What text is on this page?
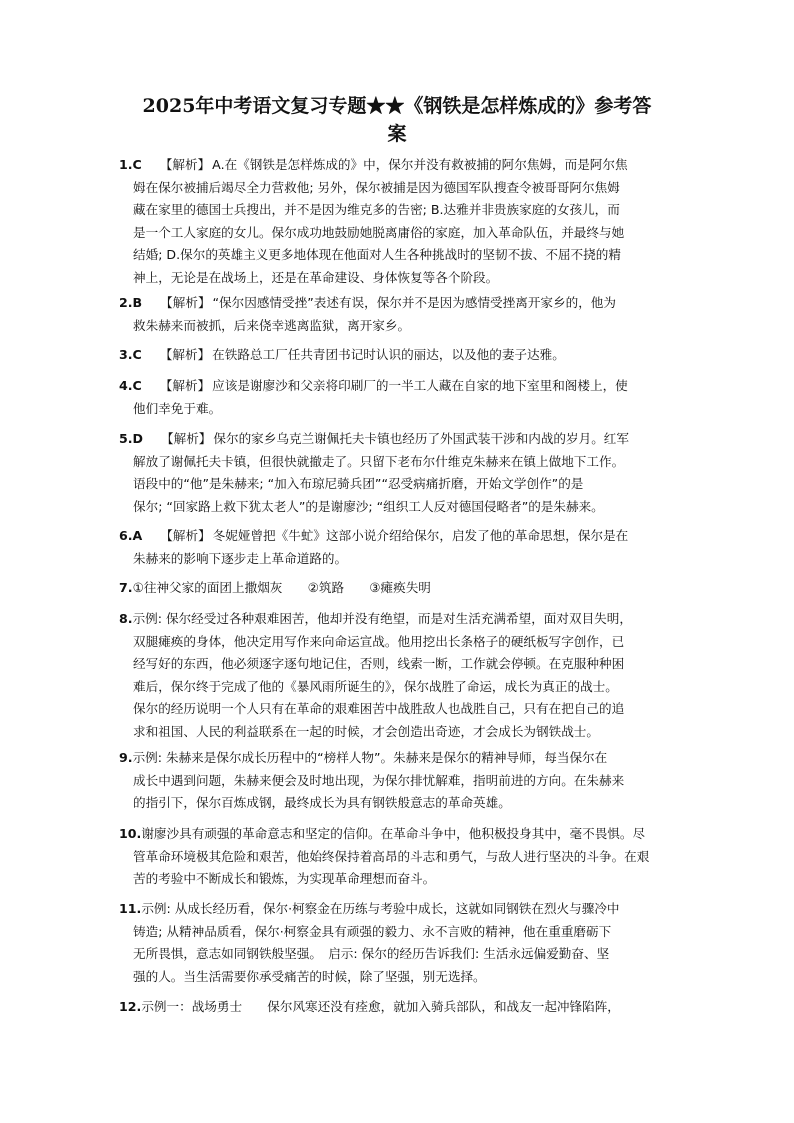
2025年中考语文复习专题★★《钢铁是怎样炼成的》参考答
案
1.C 【解析】 A.在《钢铁是怎样炼成的》中，保尔并没有救被捕的阿尔焦姆，而是阿尔焦
姆在保尔被捕后竭尽全力营救他; 另外，保尔被捕是因为德国军队搜查令被哥哥阿尔焦姆
藏在家里的德国士兵搜出，并不是因为维克多的告密; B.达雅并非贵族家庭的女孩儿，而
是一个工人家庭的女儿。保尔成功地鼓励她脱离庸俗的家庭，加入革命队伍，并最终与她
结婚; D.保尔的英雄主义更多地体现在他面对人生各种挑战时的坚韧不拔、不屈不挠的精
神上，无论是在战场上，还是在革命建设、身体恢复等各个阶段。
2.B 【解析】 “保尔因感情受挫”表述有误，保尔并不是因为感情受挫离开家乡的，他为
救朱赫来而被抓，后来侥幸逃离监狱，离开家乡。
3.C 【解析】 在铁路总工厂任共青团书记时认识的丽达，以及他的妻子达雅。
4.C 【解析】 应该是谢廖沙和父亲将印刷厂的一半工人藏在自家的地下室里和阁楼上，使
他们幸免于难。
5.D 【解析】 保尔的家乡乌克兰谢佩托夫卡镇也经历了外国武装干涉和内战的岁月。红军
解放了谢佩托夫卡镇，但很快就撤走了。只留下老布尔什维克朱赫来在镇上做地下工作。
语段中的“他”是朱赫来; “加入布琼尼骑兵团”“忍受病痛折磨，开始文学创作”的是
保尔; “回家路上救下犹太老人”的是谢廖沙; “组织工人反对德国侵略者”的是朱赫来。
6.A 【解析】 冬妮娅曾把《牛虻》这部小说介绍给保尔，启发了他的革命思想，保尔是在
朱赫来的影响下逐步走上革命道路的。
7.①往神父家的面团上撒烟灰　　②筑路　　③瘫痪失明
8.示例: 保尔经受过各种艰难困苦，他却并没有绝望，而是对生活充满希望，面对双目失明，
双腿瘫痪的身体，他决定用写作来向命运宣战。他用挖出长条格子的硬纸板写字创作，已
经写好的东西，他必须逐字逐句地记住，否则，线索一断，工作就会停顿。在克服种种困
难后，保尔终于完成了他的《暴风雨所诞生的》，保尔战胜了命运，成长为真正的战士。
保尔的经历说明一个人只有在革命的艰难困苦中战胜敌人也战胜自己，只有在把自己的追
求和祖国、人民的利益联系在一起的时候，才会创造出奇迹，才会成长为钢铁战士。
9.示例: 朱赫来是保尔成长历程中的“榜样人物”。朱赫来是保尔的精神导师，每当保尔在
成长中遇到问题，朱赫来便会及时地出现，为保尔排忧解难，指明前进的方向。在朱赫来
的指引下，保尔百炼成钢，最终成长为具有钢铁般意志的革命英雄。
10.谢廖沙具有顽强的革命意志和坚定的信仰。在革命斗争中，他积极投身其中，毫不畏惧。尽
管革命环境极其危险和艰苦，他始终保持着高昂的斗志和勇气，与敌人进行坚决的斗争。在艰
苦的考验中不断成长和锻炼，为实现革命理想而奋斗。
11.示例: 从成长经历看，保尔·柯察金在历练与考验中成长，这就如同钢铁在烈火与骤冷中
铸造; 从精神品质看，保尔·柯察金具有顽强的毅力、永不言败的精神，他在重重磨砺下
无所畏惧，意志如同钢铁般坚强。　启示: 保尔的经历告诉我们: 生活永远偏爱勤奋、坚
强的人。当生活需要你承受痛苦的时候，除了坚强，别无选择。
12.示例一：战场勇士　　保尔风寒还没有痊愈，就加入骑兵部队，和战友一起冲锋陷阵，
